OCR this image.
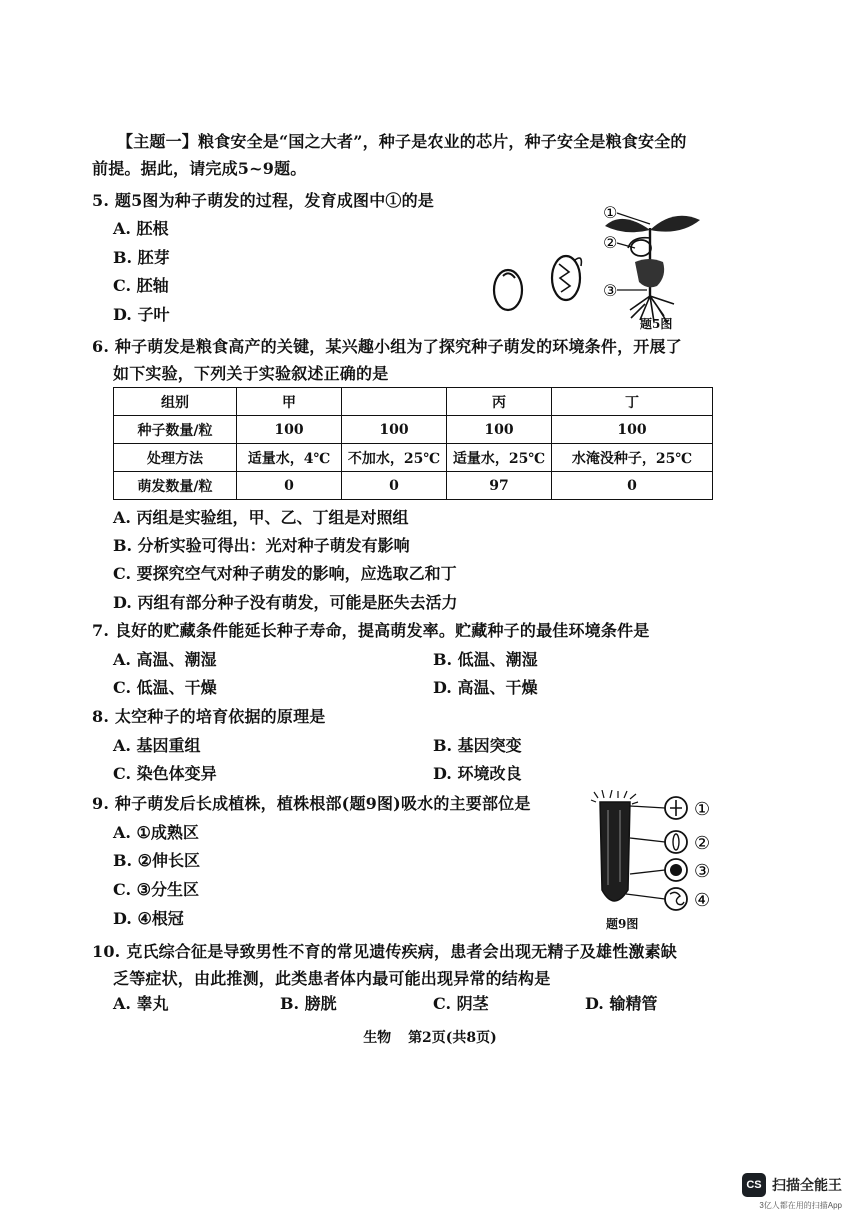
【主题一】粮食安全是“国之大者”，种子是农业的芯片，种子安全是粮食安全的
前提。据此，请完成5~9题。
5. 题5图为种子萌发的过程，发育成图中①的是
A. 胚根
B. 胚芽
C. 胚轴
D. 子叶
①
②
③
题5图
6. 种子萌发是粮食高产的关键，某兴趣小组为了探究种子萌发的环境条件，开展了
如下实验，下列关于实验叙述正确的是
组别	甲		丙	丁
种子数量/粒	100	100	100	100
处理方法	适量水，4℃	不加水，25℃	适量水，25℃	水淹没种子，25℃
萌发数量/粒	0	0	97	0
A. 丙组是实验组，甲、乙、丁组是对照组
B. 分析实验可得出：光对种子萌发有影响
C. 要探究空气对种子萌发的影响，应选取乙和丁
D. 丙组有部分种子没有萌发，可能是胚失去活力
7. 良好的贮藏条件能延长种子寿命，提高萌发率。贮藏种子的最佳环境条件是
A. 高温、潮湿	B. 低温、潮湿
C. 低温、干燥	D. 高温、干燥
8. 太空种子的培育依据的原理是
A. 基因重组	B. 基因突变
C. 染色体变异	D. 环境改良
9. 种子萌发后长成植株，植株根部(题9图)吸水的主要部位是
A. ①成熟区
B. ②伸长区
C. ③分生区
D. ④根冠
①
②
③
④
题9图
10. 克氏综合征是导致男性不育的常见遗传疾病，患者会出现无精子及雄性激素缺
乏等症状，由此推测，此类患者体内最可能出现异常的结构是
A. 睾丸	B. 膀胱	C. 阴茎	D. 输精管
生物 第2页(共8页)
CS 扫描全能王
3亿人都在用的扫描App
